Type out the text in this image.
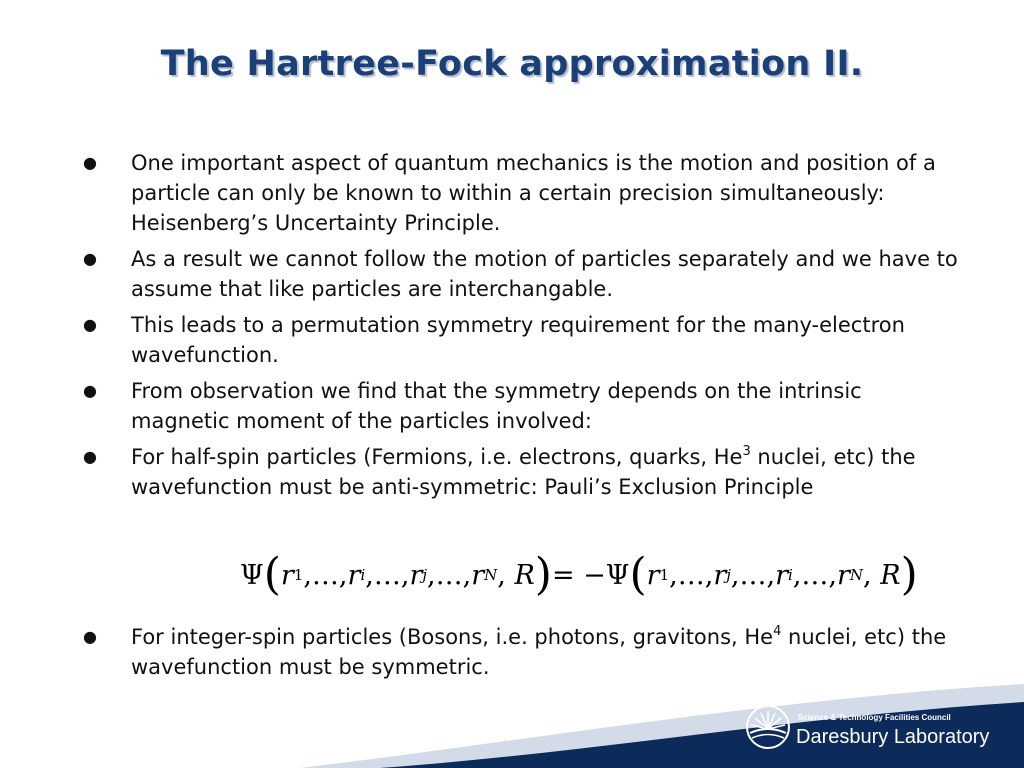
The Hartree-Fock approximation II.
● One important aspect of quantum mechanics is the motion and position of a particle can only be known to within a certain precision simultaneously: Heisenberg’s Uncertainty Principle.
● As a result we cannot follow the motion of particles separately and we have to assume that like particles are interchangable.
● This leads to a permutation symmetry requirement for the many-electron wavefunction.
● From observation we find that the symmetry depends on the intrinsic magnetic moment of the particles involved:
● For half-spin particles (Fermions, i.e. electrons, quarks, He$^3$ nuclei, etc) the wavefunction must be anti-symmetric: Pauli’s Exclusion Principle
Ψ ( r 1 , … , r i , … , r j , … , r N ,
R ) = − Ψ ( r 1 , … , r j , … , r i , … , r N ,
R )
● For integer-spin particles (Bosons, i.e. photons, gravitons, He$^4$ nuclei, etc) the wavefunction must be symmetric.
Science & Technology Facilities Council
Daresbury Laboratory
